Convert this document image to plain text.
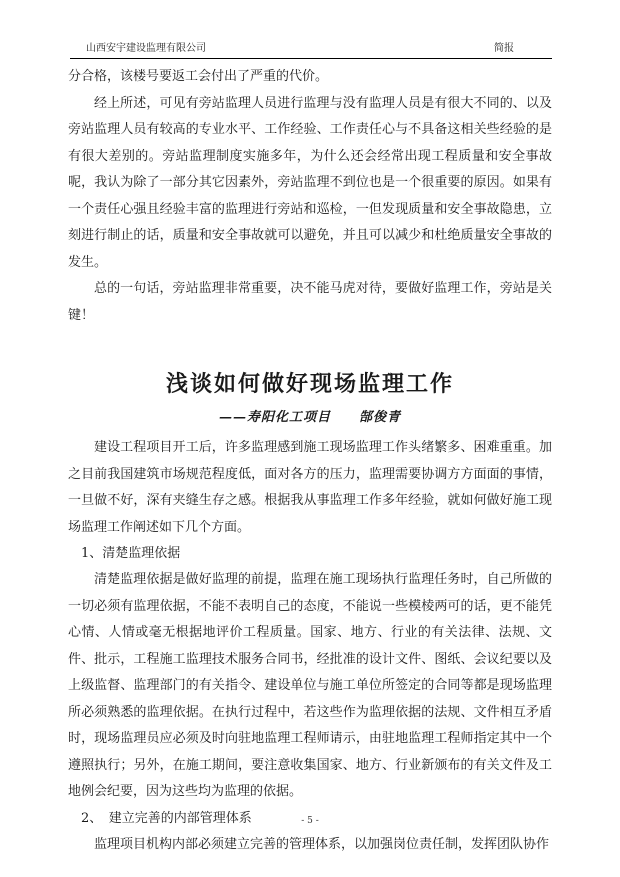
山西安宇建设监理有限公司	简报

分合格，该楼号要返工会付出了严重的代价。

经上所述，可见有旁站监理人员进行监理与没有监理人员是有很大不同的、以及旁站监理人员有较高的专业水平、工作经验、工作责任心与不具备这相关些经验的是有很大差别的。旁站监理制度实施多年，为什么还会经常出现工程质量和安全事故呢，我认为除了一部分其它因素外，旁站监理不到位也是一个很重要的原因。如果有一个责任心强且经验丰富的监理进行旁站和巡检，一但发现质量和安全事故隐患，立刻进行制止的话，质量和安全事故就可以避免，并且可以减少和杜绝质量安全事故的发生。

总的一句话，旁站监理非常重要，决不能马虎对待，要做好监理工作，旁站是关键！

浅谈如何做好现场监理工作

——寿阳化工项目　　郜俊青

建设工程项目开工后，许多监理感到施工现场监理工作头绪繁多、困难重重。加之目前我国建筑市场规范程度低，面对各方的压力，监理需要协调方方面面的事情，一旦做不好，深有夹缝生存之感。根据我从事监理工作多年经验，就如何做好施工现场监理工作阐述如下几个方面。

1、清楚监理依据

清楚监理依据是做好监理的前提，监理在施工现场执行监理任务时，自己所做的一切必须有监理依据，不能不表明自己的态度，不能说一些模棱两可的话，更不能凭心情、人情或毫无根据地评价工程质量。国家、地方、行业的有关法律、法规、文件、批示，工程施工监理技术服务合同书，经批准的设计文件、图纸、会议纪要以及上级监督、监理部门的有关指令、建设单位与施工单位所签定的合同等都是现场监理所必须熟悉的监理依据。在执行过程中，若这些作为监理依据的法规、文件相互矛盾时，现场监理员应必须及时向驻地监理工程师请示，由驻地监理工程师指定其中一个遵照执行；另外，在施工期间，要注意收集国家、地方、行业新颁布的有关文件及工地例会纪要，因为这些均为监理的依据。

2、　建立完善的内部管理体系

监理项目机构内部必须建立完善的管理体系，以加强岗位责任制，发挥团队协作

- 5 -
